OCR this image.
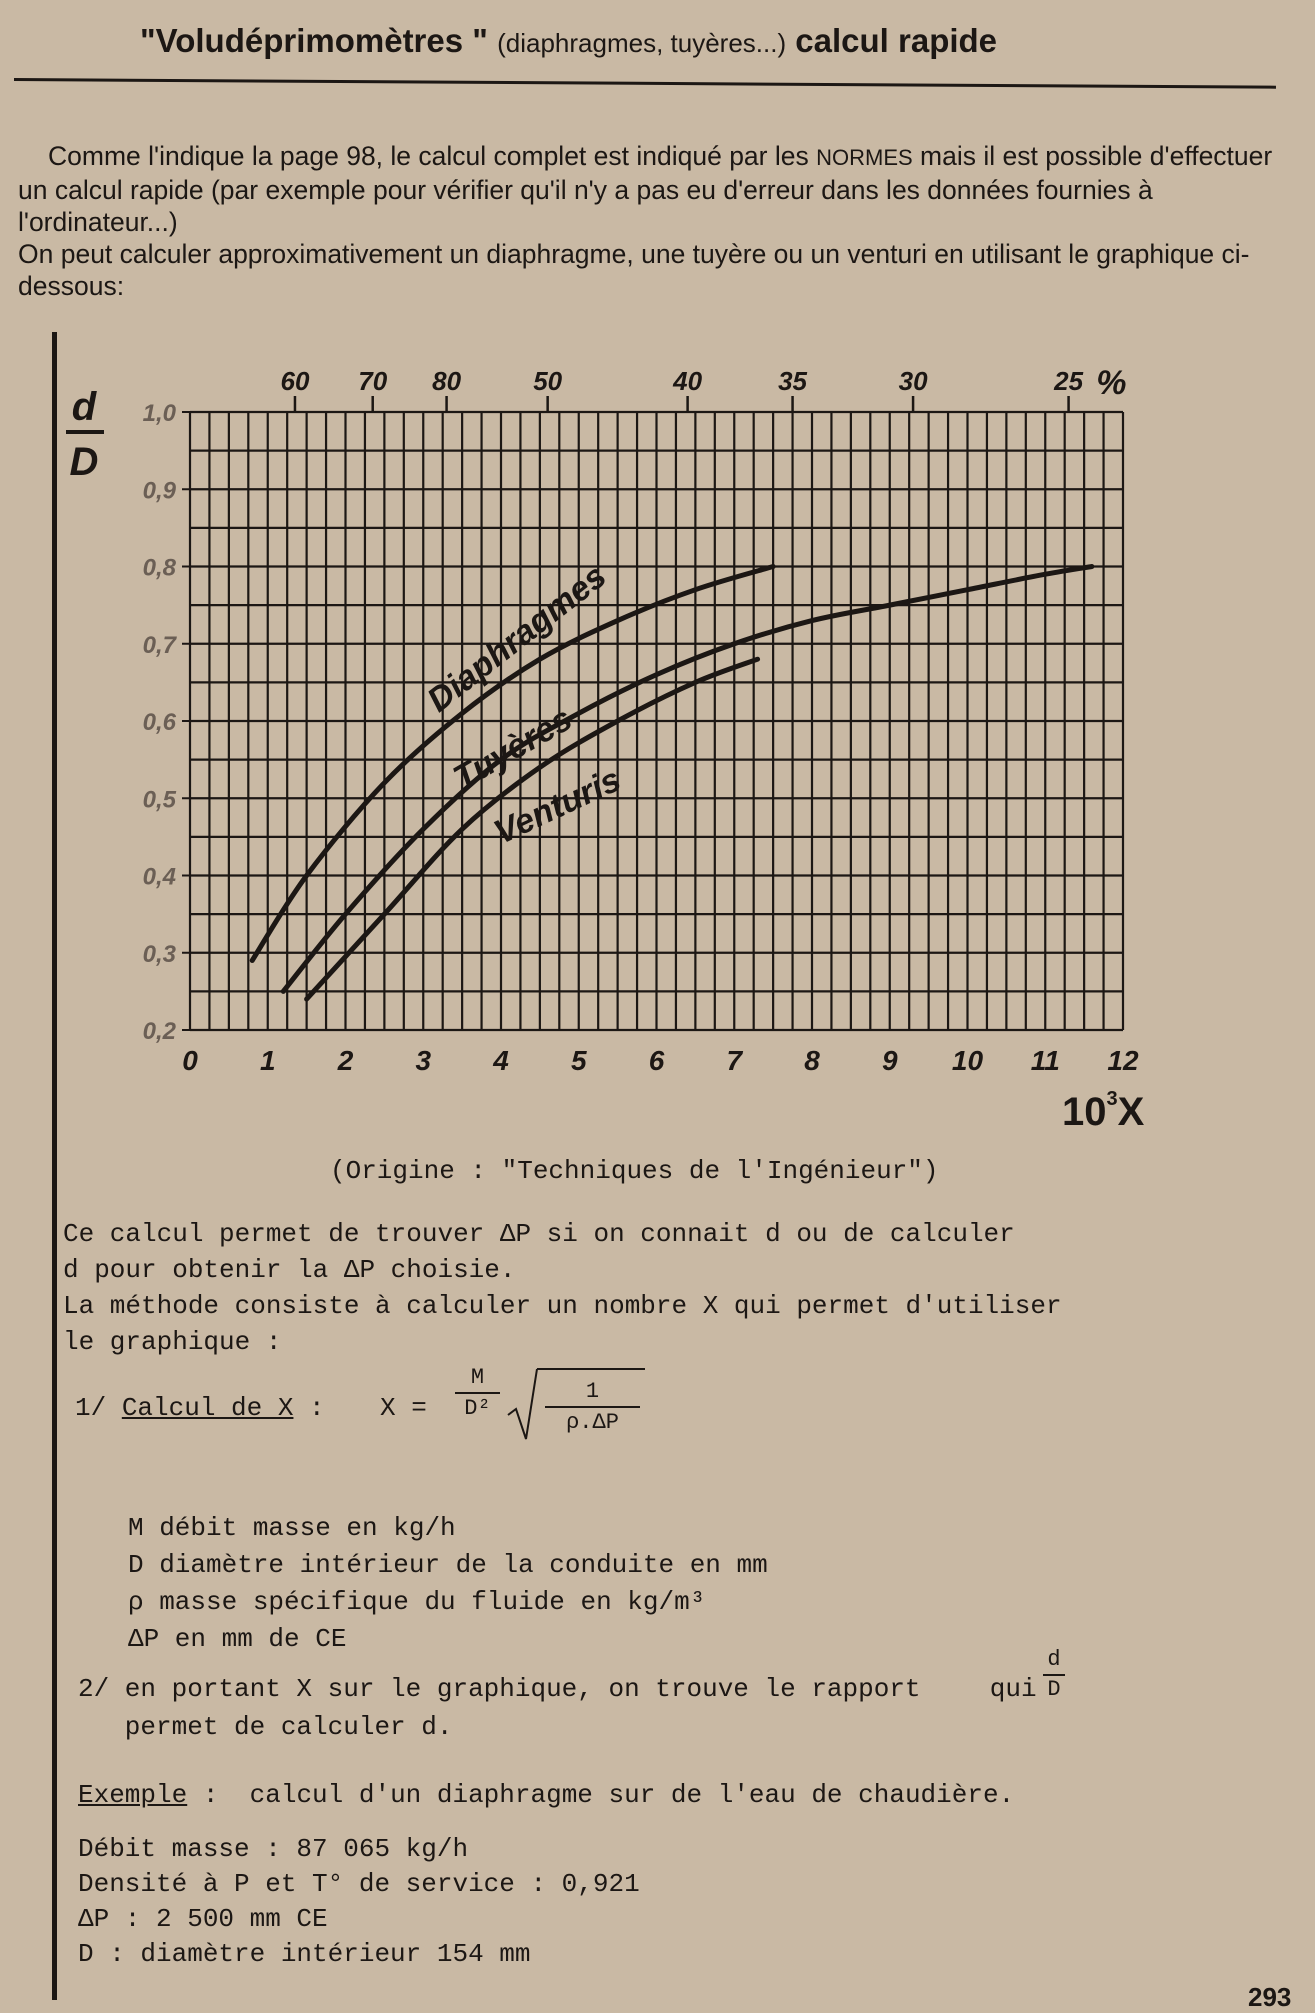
"Voludéprimomètres " (diaphragmes, tuyères...) calcul rapide

Comme l'indique la page 98, le calcul complet est indiqué par les NORMES mais il est possible d'effectuer un calcul rapide (par exemple pour vérifier qu'il n'y a pas eu d'erreur dans les données fournies à l'ordinateur...)

On peut calculer approximativement un diaphragme, une tuyère ou un venturi en utilisant le graphique ci-dessous:

0 1 2 3 4 5 6 7 8 9 10 11 12
0,2
0,3
0,4
0,5
0,6
0,7
0,8
0,9
1,0
60 70 80	50	40	35	30	25 %
d
D
Diaphragmes
Tuyères
Venturis
$10^3X$
(Origine : "Techniques de l'Ingénieur")
Ce calcul permet de trouver ΔP si on connait d ou de calculer
d pour obtenir la ΔP choisie.
La méthode consiste à calculer un nombre X qui permet d'utiliser
le graphique :
1/ Calcul de X : X =
M
D²
1
ρ.ΔP
M débit masse en kg/h
D diamètre intérieur de la conduite en mm
ρ masse spécifique du fluide en kg/m³
ΔP en mm de CE
2/ en portant X sur le graphique, on trouve le rapport	qui
d
D
permet de calculer d.
Exemple :  calcul d'un diaphragme sur de l'eau de chaudière.
Débit masse : 87 065 kg/h
Densité à P et T° de service : 0,921
ΔP : 2 500 mm CE
D : diamètre intérieur 154 mm
293
